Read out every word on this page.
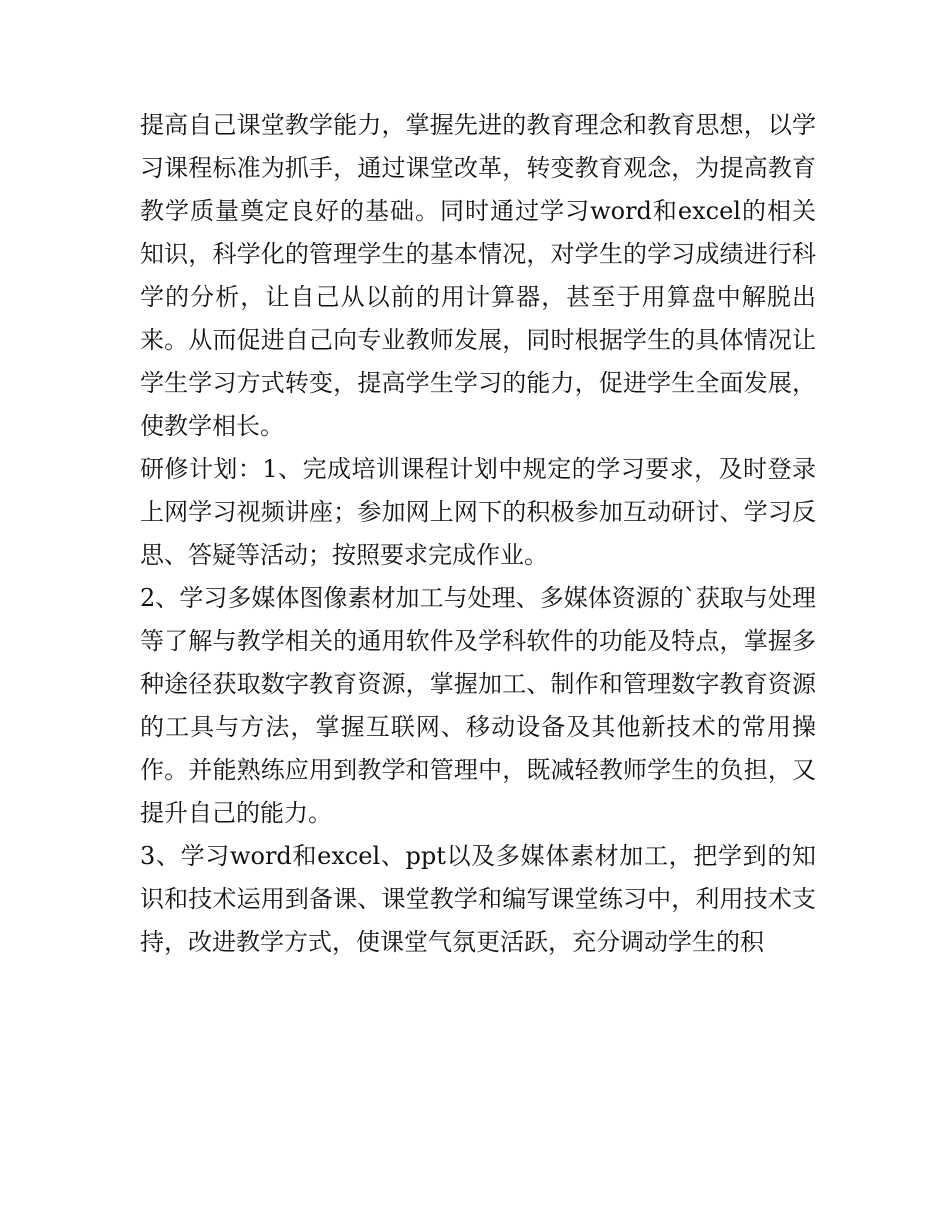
提高自己课堂教学能力，掌握先进的教育理念和教育思想，以学习课程标准为抓手，通过课堂改革，转变教育观念，为提高教育教学质量奠定良好的基础。同时通过学习word和excel的相关知识，科学化的管理学生的基本情况，对学生的学习成绩进行科学的分析，让自己从以前的用计算器，甚至于用算盘中解脱出来。从而促进自己向专业教师发展，同时根据学生的具体情况让学生学习方式转变，提高学生学习的能力，促进学生全面发展，使教学相长。

研修计划：1、完成培训课程计划中规定的学习要求，及时登录上网学习视频讲座；参加网上网下的积极参加互动研讨、学习反思、答疑等活动；按照要求完成作业。

2、学习多媒体图像素材加工与处理、多媒体资源的`获取与处理等了解与教学相关的通用软件及学科软件的功能及特点，掌握多种途径获取数字教育资源，掌握加工、制作和管理数字教育资源的工具与方法，掌握互联网、移动设备及其他新技术的常用操作。并能熟练应用到教学和管理中，既减轻教师学生的负担，又提升自己的能力。

3、学习word和excel、ppt以及多媒体素材加工，把学到的知识和技术运用到备课、课堂教学和编写课堂练习中，利用技术支持，改进教学方式，使课堂气氛更活跃，充分调动学生的积
